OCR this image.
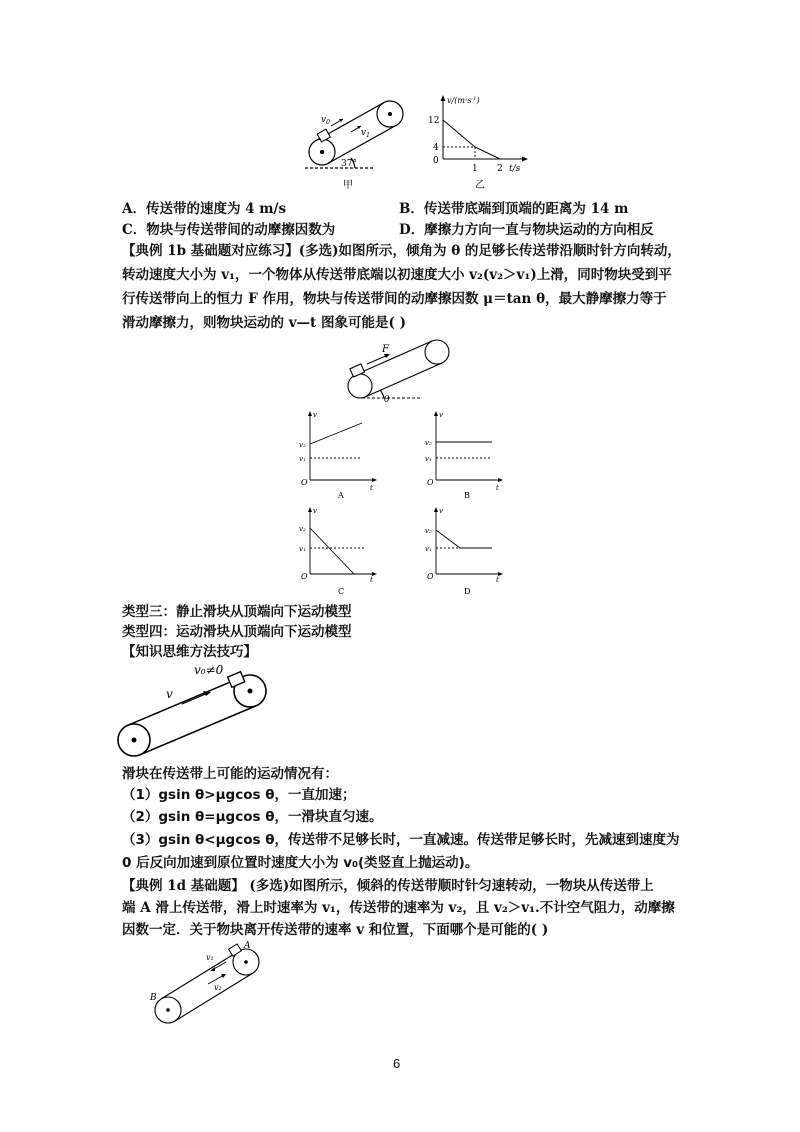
$v_0$
$v_1$
37°
甲
$v/(m\cdot s^{-1})$
12
4
0
1 2 t/s
乙
A．传送带的速度为 4 m/s	B．传送带底端到顶端的距离为 14 m
C．物块与传送带间的动摩擦因数为	D．摩擦力方向一直与物块运动的方向相反
【典例 1b 基础题对应练习】(多选)如图所示，倾角为 θ 的足够长传送带沿顺时针方向转动，
转动速度大小为 v₁，一个物体从传送带底端以初速度大小 v₂(v₂＞v₁)上滑，同时物块受到平
行传送带向上的恒力 F 作用，物块与传送带间的动摩擦因数 μ＝tan θ，最大静摩擦力等于
滑动摩擦力，则物块运动的 v—t 图象可能是( )
F
θ
v
v₂
v₁
O
t
A
v
v₂
v₁
O
t
B
v
v₂
v₁
O	t
C
v
v₂
v₁
O	t
D
类型三：静止滑块从顶端向下运动模型
类型四：运动滑块从顶端向下运动模型
【知识思维方法技巧】
v
v₀≠0
滑块在传送带上可能的运动情况有：
（1）gsin θ>μgcos θ，一直加速；
（2）gsin θ=μgcos θ，一滑块直匀速。
（3）gsin θ<μgcos θ，传送带不足够长时，一直减速。传送带足够长时，先减速到速度为
0 后反向加速到原位置时速度大小为 v₀(类竖直上抛运动)。
【典例 1d 基础题】 (多选)如图所示，倾斜的传送带顺时针匀速转动，一物块从传送带上
端 A 滑上传送带，滑上时速率为 v₁，传送带的速率为 v₂，且 v₂＞v₁.不计空气阻力，动摩擦
因数一定．关于物块离开传送带的速率 v 和位置，下面哪个是可能的( )
v₁
v₂
A
B
6
